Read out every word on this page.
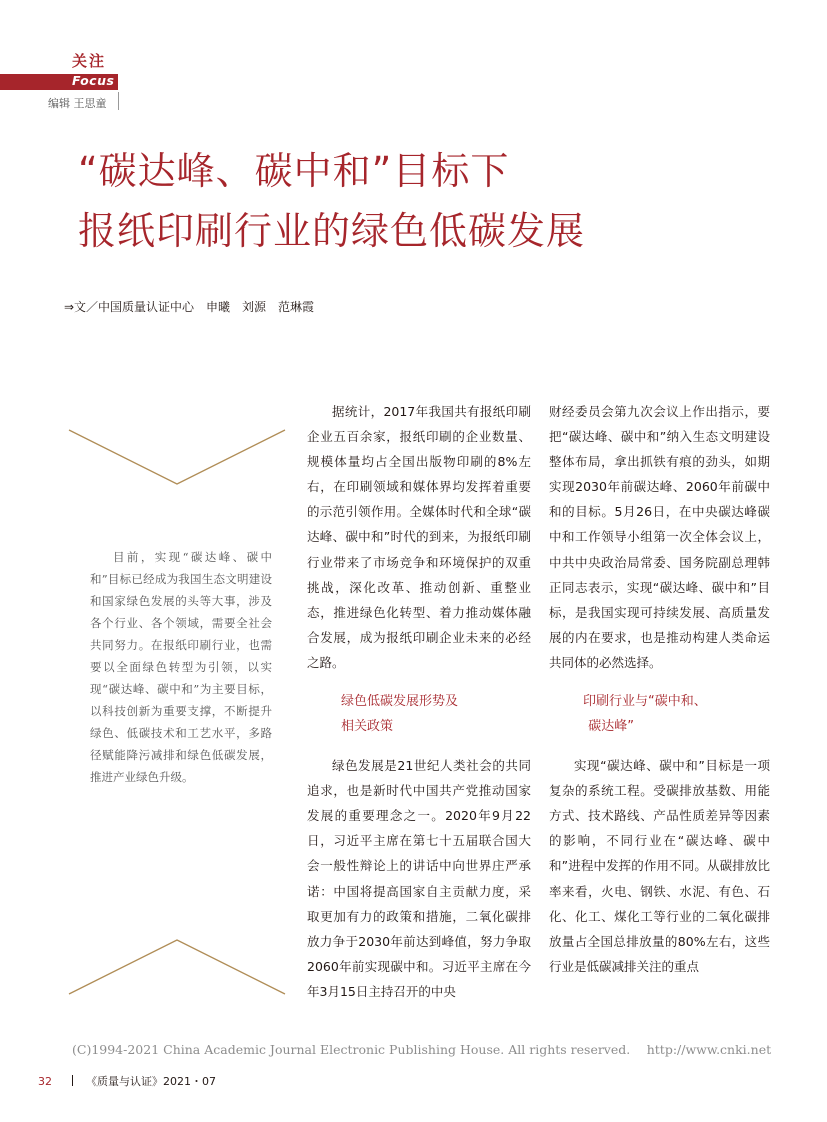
关注
Focus
编辑 王思童
“碳达峰、碳中和”目标下
报纸印刷行业的绿色低碳发展
⇒文／中国质量认证中心　申曦　刘源　范琳霞

目前，实现“碳达峰、碳中和”目标已经成为我国生态文明建设和国家绿色发展的头等大事，涉及各个行业、各个领域，需要全社会共同努力。在报纸印刷行业，也需要以全面绿色转型为引领，以实现“碳达峰、碳中和”为主要目标，以科技创新为重要支撑，不断提升绿色、低碳技术和工艺水平，多路径赋能降污减排和绿色低碳发展，推进产业绿色升级。

据统计，2017年我国共有报纸印刷企业五百余家，报纸印刷的企业数量、规模体量均占全国出版物印刷的8%左右，在印刷领域和媒体界均发挥着重要的示范引领作用。全媒体时代和全球“碳达峰、碳中和”时代的到来，为报纸印刷行业带来了市场竞争和环境保护的双重挑战，深化改革、推动创新、重整业态，推进绿色化转型、着力推动媒体融合发展，成为报纸印刷企业未来的必经之路。

绿色低碳发展形势及
相关政策

绿色发展是21世纪人类社会的共同追求，也是新时代中国共产党推动国家发展的重要理念之一。2020年9月22日，习近平主席在第七十五届联合国大会一般性辩论上的讲话中向世界庄严承诺：中国将提高国家自主贡献力度，采取更加有力的政策和措施，二氧化碳排放力争于2030年前达到峰值，努力争取2060年前实现碳中和。习近平主席在今年3月15日主持召开的中央

财经委员会第九次会议上作出指示，要把“碳达峰、碳中和”纳入生态文明建设整体布局，拿出抓铁有痕的劲头，如期实现2030年前碳达峰、2060年前碳中和的目标。5月26日，在中央碳达峰碳中和工作领导小组第一次全体会议上，中共中央政治局常委、国务院副总理韩正同志表示，实现“碳达峰、碳中和”目标，是我国实现可持续发展、高质量发展的内在要求，也是推动构建人类命运共同体的必然选择。

印刷行业与“碳中和、
碳达峰”

实现“碳达峰、碳中和”目标是一项复杂的系统工程。受碳排放基数、用能方式、技术路线、产品性质差异等因素的影响，不同行业在“碳达峰、碳中和”进程中发挥的作用不同。从碳排放比率来看，火电、钢铁、水泥、有色、石化、化工、煤化工等行业的二氧化碳排放量占全国总排放量的80%左右，这些行业是低碳减排关注的重点

(C)1994-2021 China Academic Journal Electronic Publishing House. All rights reserved.　 http://www.cnki.net
32	《质量与认证》2021・07
